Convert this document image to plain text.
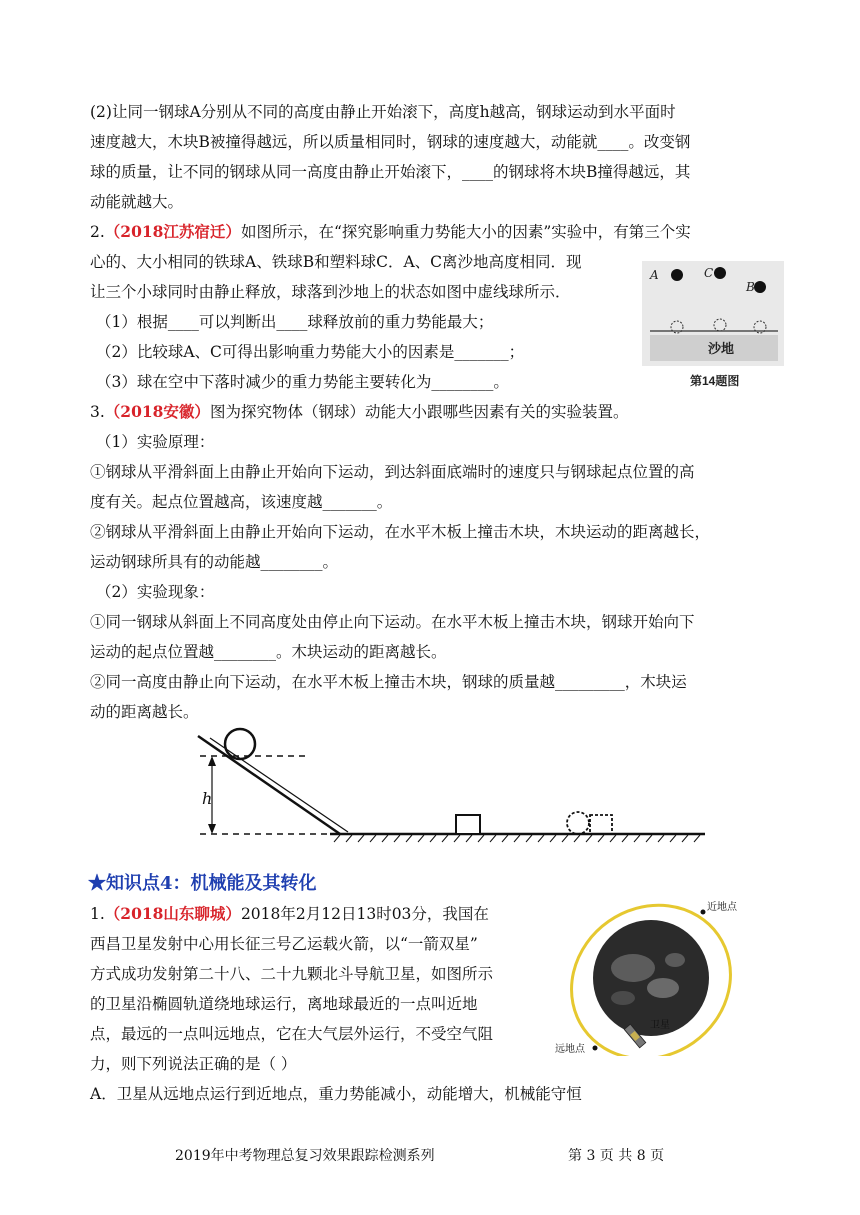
(2)让同一钢球A分别从不同的高度由静止开始滚下，高度h越高，钢球运动到水平面时
速度越大，木块B被撞得越远，所以质量相同时，钢球的速度越大，动能就____。改变钢
球的质量，让不同的钢球从同一高度由静止开始滚下，____的钢球将木块B撞得越远，其
动能就越大。
2.（2018江苏宿迁）如图所示，在“探究影响重力势能大小的因素”实验中，有第三个实
心的、大小相同的铁球A、铁球B和塑料球C．A、C离沙地高度相同．现
让三个小球同时由静止释放，球落到沙地上的状态如图中虚线球所示．
（1）根据____可以判断出____球释放前的重力势能最大；
（2）比较球A、C可得出影响重力势能大小的因素是_______；
（3）球在空中下落时减少的重力势能主要转化为________。
A	C
B
沙地
第14题图
3.（2018安徽）图为探究物体（钢球）动能大小跟哪些因素有关的实验装置。
（1）实验原理：
①钢球从平滑斜面上由静止开始向下运动，到达斜面底端时的速度只与钢球起点位置的高
度有关。起点位置越高，该速度越_______。
②钢球从平滑斜面上由静止开始向下运动，在水平木板上撞击木块，木块运动的距离越长，
运动钢球所具有的动能越________。
（2）实验现象：
①同一钢球从斜面上不同高度处由停止向下运动。在水平木板上撞击木块，钢球开始向下
运动的起点位置越________。木块运动的距离越长。
②同一高度由静止向下运动，在水平木板上撞击木块，钢球的质量越_________，木块运
动的距离越长。
h
★知识点4：机械能及其转化
1.（2018山东聊城）2018年2月12日13时03分，我国在
西昌卫星发射中心用长征三号乙运载火箭，以“一箭双星”
方式成功发射第二十八、二十九颗北斗导航卫星，如图所示
的卫星沿椭圆轨道绕地球运行，离地球最近的一点叫近地
点，最远的一点叫远地点，它在大气层外运行，不受空气阻
力，则下列说法正确的是（ ）
A．卫星从远地点运行到近地点，重力势能减小，动能增大，机械能守恒
近地点
远地点
卫星
2019年中考物理总复习效果跟踪检测系列	第 3 页 共 8 页
